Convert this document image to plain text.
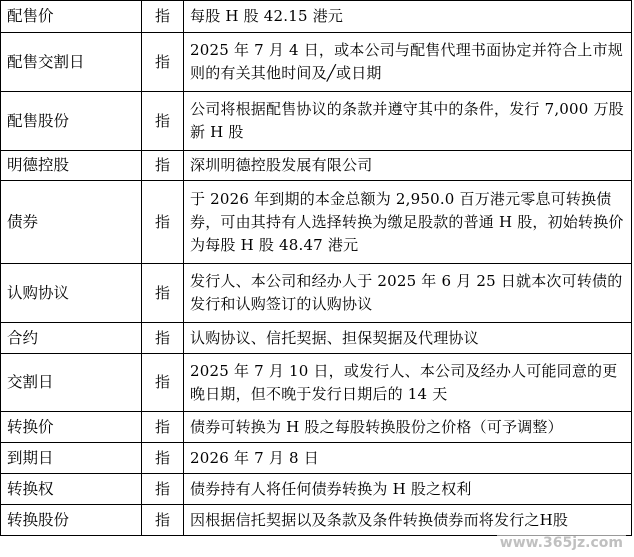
配售价	指	每股 H 股 42.15 港元
配售交割日	指	2025 年 7 月 4 日，或本公司与配售代理书面协定并符合上市规则的有关其他时间及╱或日期
配售股份	指	公司将根据配售协议的条款并遵守其中的条件，发行 7,000 万股新 H 股
明德控股	指	深圳明德控股发展有限公司
债券	指	于 2026 年到期的本金总额为 2,950.0 百万港元零息可转换债券，可由其持有人选择转换为缴足股款的普通 H 股，初始转换价为每股 H 股 48.47 港元
认购协议	指	发行人、本公司和经办人于 2025 年 6 月 25 日就本次可转债的发行和认购签订的认购协议
合约	指	认购协议、信托契据、担保契据及代理协议
交割日	指	2025 年 7 月 10 日，或发行人、本公司及经办人可能同意的更晚日期，但不晚于发行日期后的 14 天
转换价	指	债券可转换为 H 股之每股转换股份之价格（可予调整）
到期日	指	2026 年 7 月 8 日
转换权	指	债券持有人将任何债券转换为 H 股之权利
转换股份	指	因根据信托契据以及条款及条件转换债券而将发行之H股
www.365jz.com
